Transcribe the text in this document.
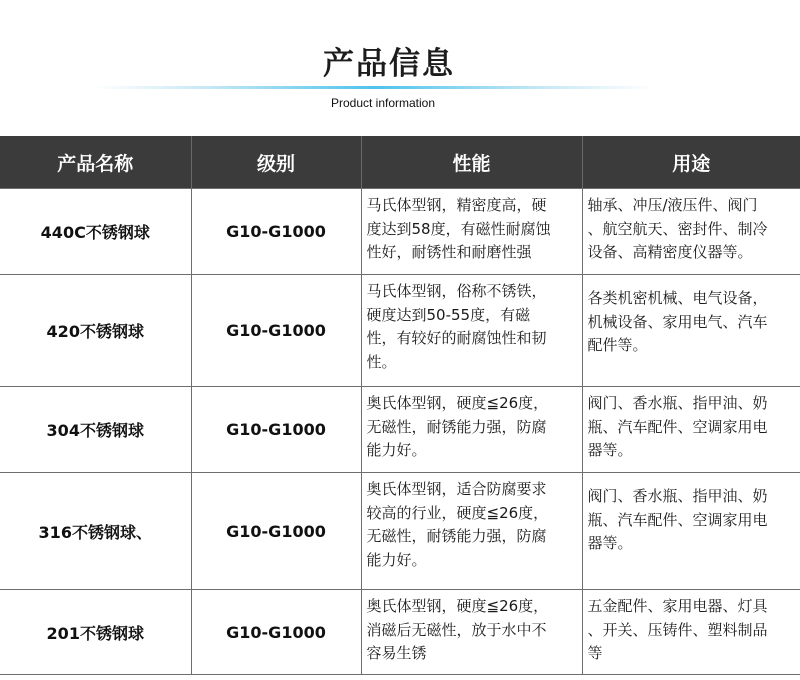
产品信息
Product information
产品名称	级别	性能	用途
440C不锈钢球	G10-G1000	马氏体型钢，精密度高，硬
度达到58度，有磁性耐腐蚀
性好，耐锈性和耐磨性强	轴承、冲压/液压件、阀门
、航空航天、密封件、制冷
设备、高精密度仪器等。
420不锈钢球	G10-G1000	马氏体型钢，俗称不锈铁，
硬度达到50-55度，有磁
性，有较好的耐腐蚀性和韧
性。	各类机密机械、电气设备，
机械设备、家用电气、汽车
配件等。
304不锈钢球	G10-G1000	奥氏体型钢，硬度≦26度，
无磁性，耐锈能力强，防腐
能力好。	阀门、香水瓶、指甲油、奶
瓶、汽车配件、空调家用电
器等。
316不锈钢球、	G10-G1000	奥氏体型钢，适合防腐要求
较高的行业，硬度≦26度，
无磁性，耐锈能力强，防腐
能力好。	阀门、香水瓶、指甲油、奶
瓶、汽车配件、空调家用电
器等。
201不锈钢球	G10-G1000	奥氏体型钢，硬度≦26度，
消磁后无磁性，放于水中不
容易生锈	五金配件、家用电器、灯具
、开关、压铸件、塑料制品
等
